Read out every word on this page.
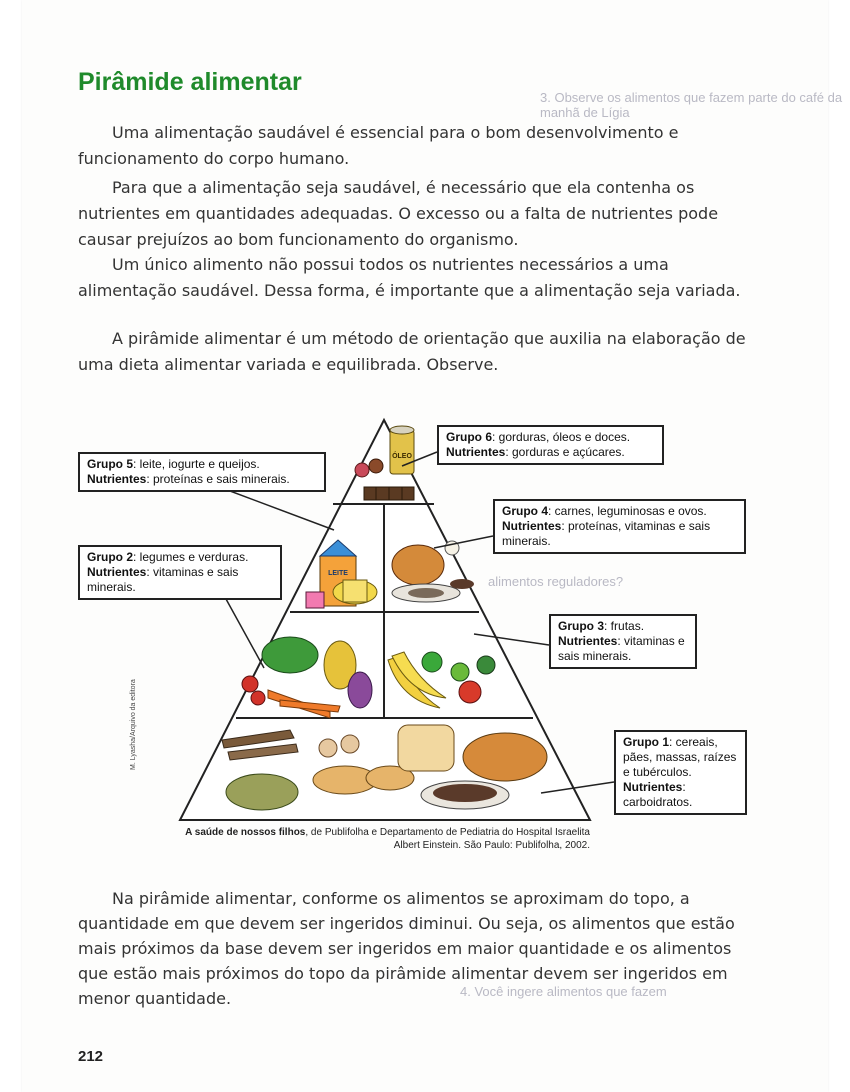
3. Observe os alimentos que fazem parte do café da manhã de Lígia
alimentos reguladores?
4. Você ingere alimentos que fazem
Pirâmide alimentar

Uma alimentação saudável é essencial para o bom desenvolvimento e funcionamento do corpo humano.

Para que a alimentação seja saudável, é necessário que ela contenha os nutrientes em quantidades adequadas. O excesso ou a falta de nutrientes pode causar prejuízos ao bom funcionamento do organismo.

Um único alimento não possui todos os nutrientes necessários a uma alimentação saudável. Dessa forma, é importante que a alimentação seja variada.

A pirâmide alimentar é um método de orientação que auxilia na elaboração de uma dieta alimentar variada e equilibrada. Observe.

ÓLEO
LEITE
Grupo 5: leite, iogurte e queijos.
Nutrientes: proteínas e sais minerais.
Grupo 6: gorduras, óleos e doces.
Nutrientes: gorduras e açúcares.
Grupo 4: carnes, leguminosas e ovos.
Nutrientes: proteínas, vitaminas e sais minerais.
Grupo 2: legumes e verduras.
Nutrientes: vitaminas e sais minerais.
Grupo 3: frutas.
Nutrientes: vitaminas e sais minerais.
Grupo 1: cereais, pães, massas, raízes e tubérculos.
Nutrientes: carboidratos.
M. Lyasha/Arquivo da editora
A saúde de nossos filhos, de Publifolha e Departamento de Pediatria do Hospital Israelita Albert Einstein. São Paulo: Publifolha, 2002.

Na pirâmide alimentar, conforme os alimentos se aproximam do topo, a quantidade em que devem ser ingeridos diminui. Ou seja, os alimentos que estão mais próximos da base devem ser ingeridos em maior quantidade e os alimentos que estão mais próximos do topo da pirâmide alimentar devem ser ingeridos em menor quantidade.

212
